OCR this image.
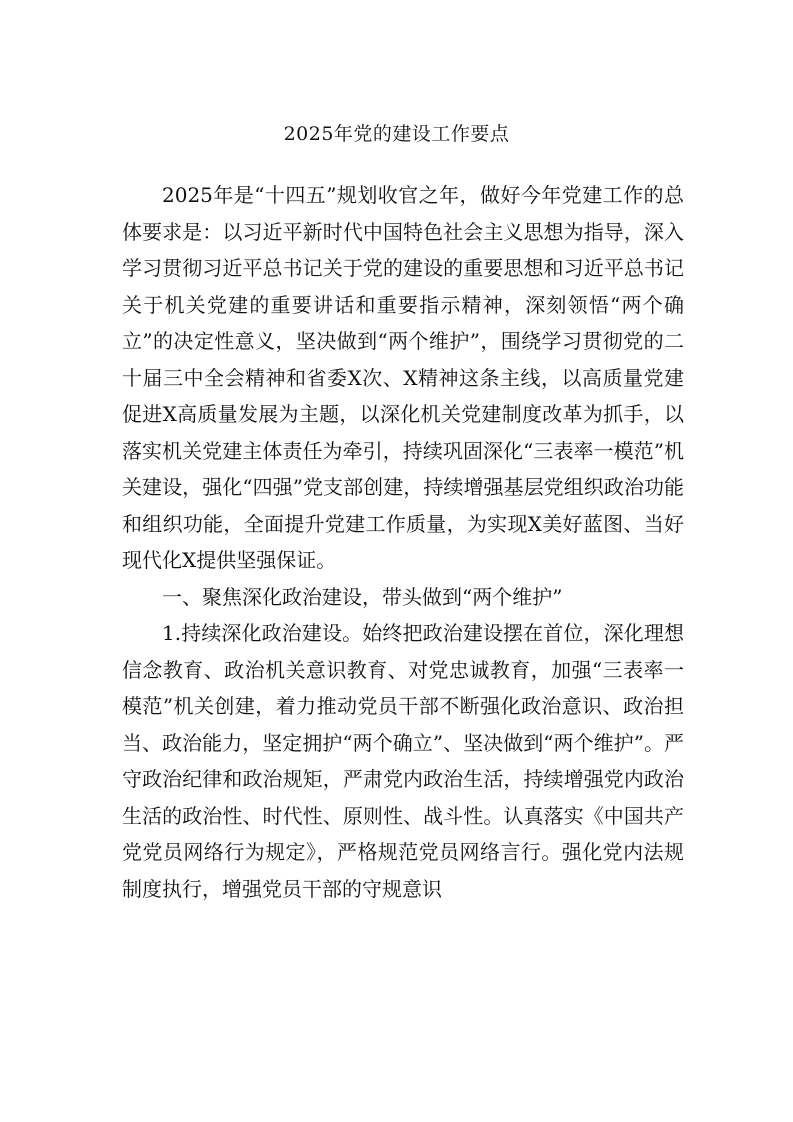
2025年党的建设工作要点

2025年是“十四五”规划收官之年，做好今年党建工作的总体要求是：以习近平新时代中国特色社会主义思想为指导，深入学习贯彻习近平总书记关于党的建设的重要思想和习近平总书记关于机关党建的重要讲话和重要指示精神，深刻领悟“两个确立”的决定性意义，坚决做到“两个维护”，围绕学习贯彻党的二十届三中全会精神和省委X次、X精神这条主线，以高质量党建促进X高质量发展为主题，以深化机关党建制度改革为抓手，以落实机关党建主体责任为牵引，持续巩固深化“三表率一模范”机关建设，强化“四强”党支部创建，持续增强基层党组织政治功能和组织功能，全面提升党建工作质量，为实现X美好蓝图、当好现代化X提供坚强保证。

一、聚焦深化政治建设，带头做到“两个维护”

1.持续深化政治建设。始终把政治建设摆在首位，深化理想信念教育、政治机关意识教育、对党忠诚教育，加强“三表率一模范”机关创建，着力推动党员干部不断强化政治意识、政治担当、政治能力，坚定拥护“两个确立”、坚决做到“两个维护”。严守政治纪律和政治规矩，严肃党内政治生活，持续增强党内政治生活的政治性、时代性、原则性、战斗性。认真落实《中国共产党党员网络行为规定》，严格规范党员网络言行。强化党内法规制度执行，增强党员干部的守规意识
